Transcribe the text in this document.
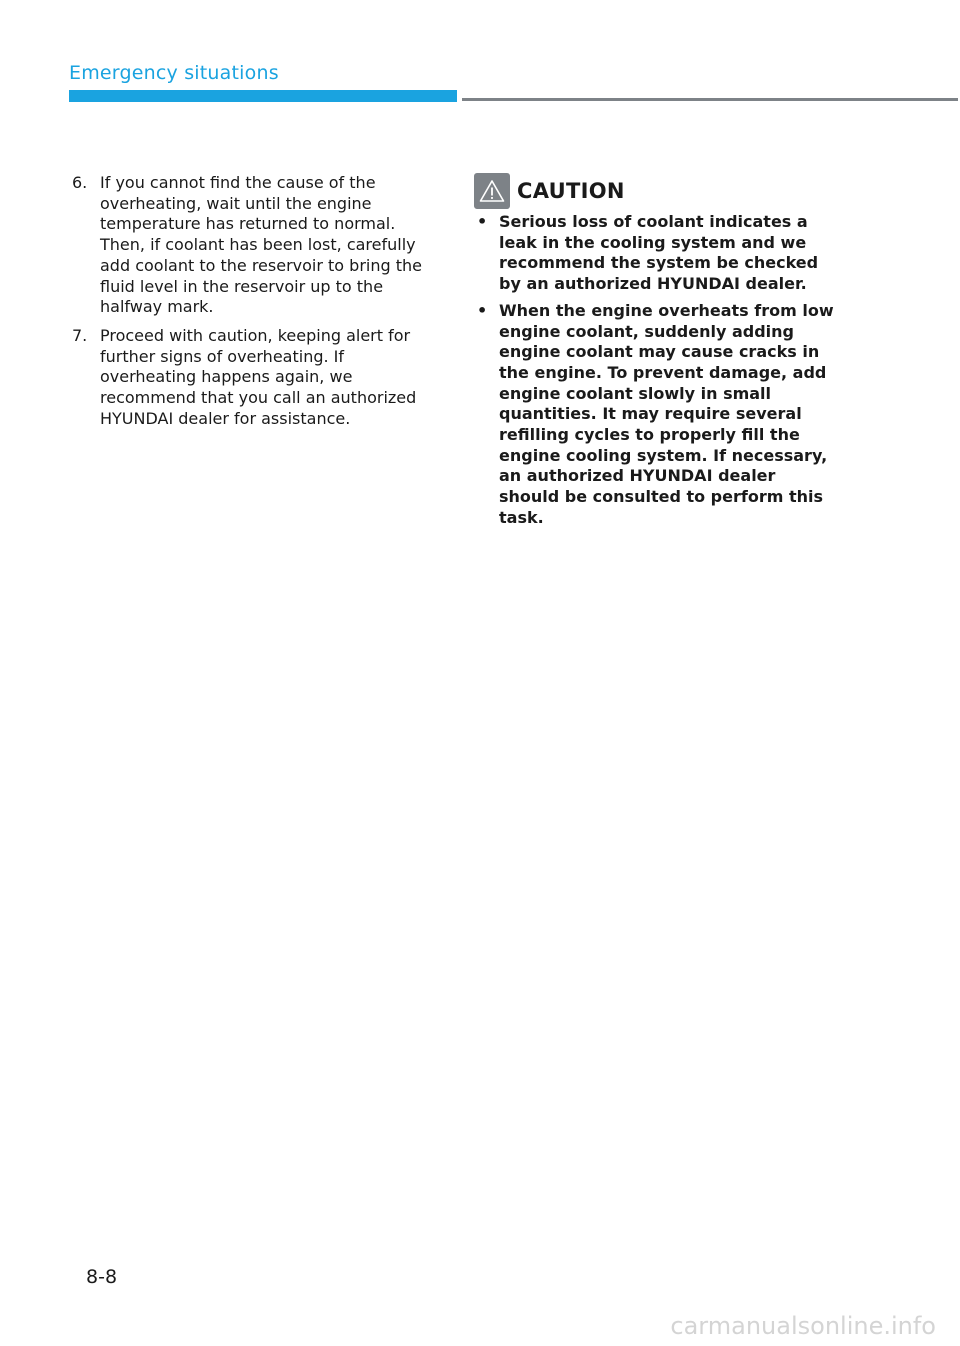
Emergency situations
6. If you cannot find the cause of the overheating, wait until the engine temperature has returned to normal. Then, if coolant has been lost, carefully add coolant to the reservoir to bring the fluid level in the reservoir up to the halfway mark.
7. Proceed with caution, keeping alert for further signs of overheating. If overheating happens again, we recommend that you call an authorized HYUNDAI dealer for assistance.
CAUTION
• Serious loss of coolant indicates a leak in the cooling system and we recommend the system be checked by an authorized HYUNDAI dealer.
• When the engine overheats from low engine coolant, suddenly adding engine coolant may cause cracks in the engine. To prevent damage, add engine coolant slowly in small quantities. It may require several refilling cycles to properly fill the engine cooling system. If necessary, an authorized HYUNDAI dealer should be consulted to perform this task.
8-8
carmanualsonline.info
